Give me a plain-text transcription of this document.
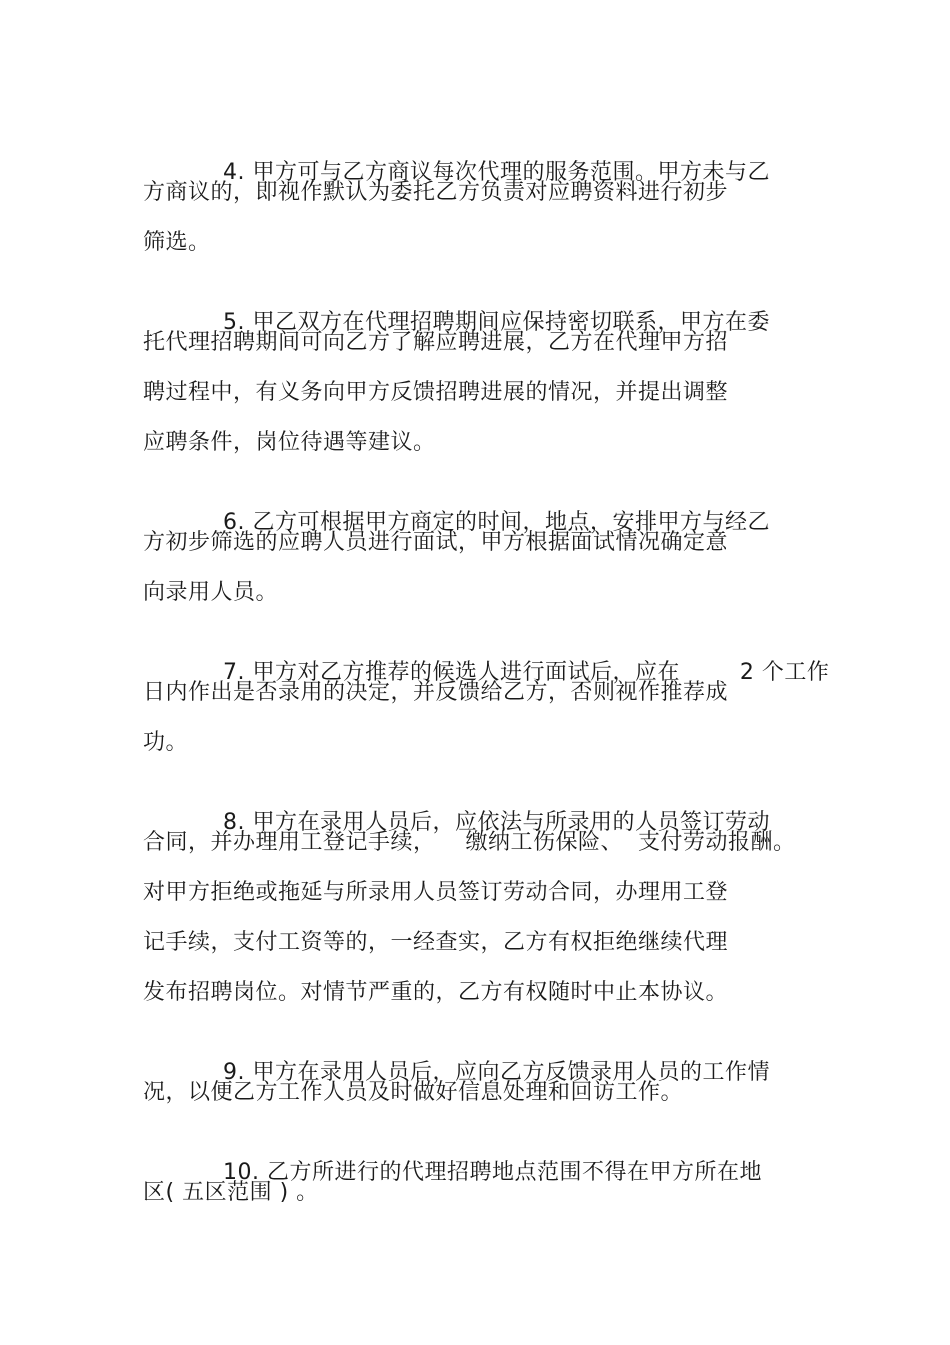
4. 甲方可与乙方商议每次代理的服务范围。甲方未与乙

方商议的，即视作默认为委托乙方负责对应聘资料进行初步
筛选。

5. 甲乙双方在代理招聘期间应保持密切联系，甲方在委

托代理招聘期间可向乙方了解应聘进展，乙方在代理甲方招
聘过程中，有义务向甲方反馈招聘进展的情况，并提出调整
应聘条件，岗位待遇等建议。

6. 乙方可根据甲方商定的时间，地点，安排甲方与经乙

方初步筛选的应聘人员进行面试，甲方根据面试情况确定意
向录用人员。

7. 甲方对乙方推荐的候选人进行面试后，应在        2 个工作

日内作出是否录用的决定，并反馈给乙方，否则视作推荐成
功。

8. 甲方在录用人员后，应依法与所录用的人员签订劳动

合同，并办理用工登记手续，    缴纳工伤保险、  支付劳动报酬。
对甲方拒绝或拖延与所录用人员签订劳动合同，办理用工登
记手续，支付工资等的，一经查实，乙方有权拒绝继续代理
发布招聘岗位。对情节严重的，乙方有权随时中止本协议。

9. 甲方在录用人员后，应向乙方反馈录用人员的工作情

况，以便乙方工作人员及时做好信息处理和回访工作。

10. 乙方所进行的代理招聘地点范围不得在甲方所在地

区( 五区范围 ) 。
